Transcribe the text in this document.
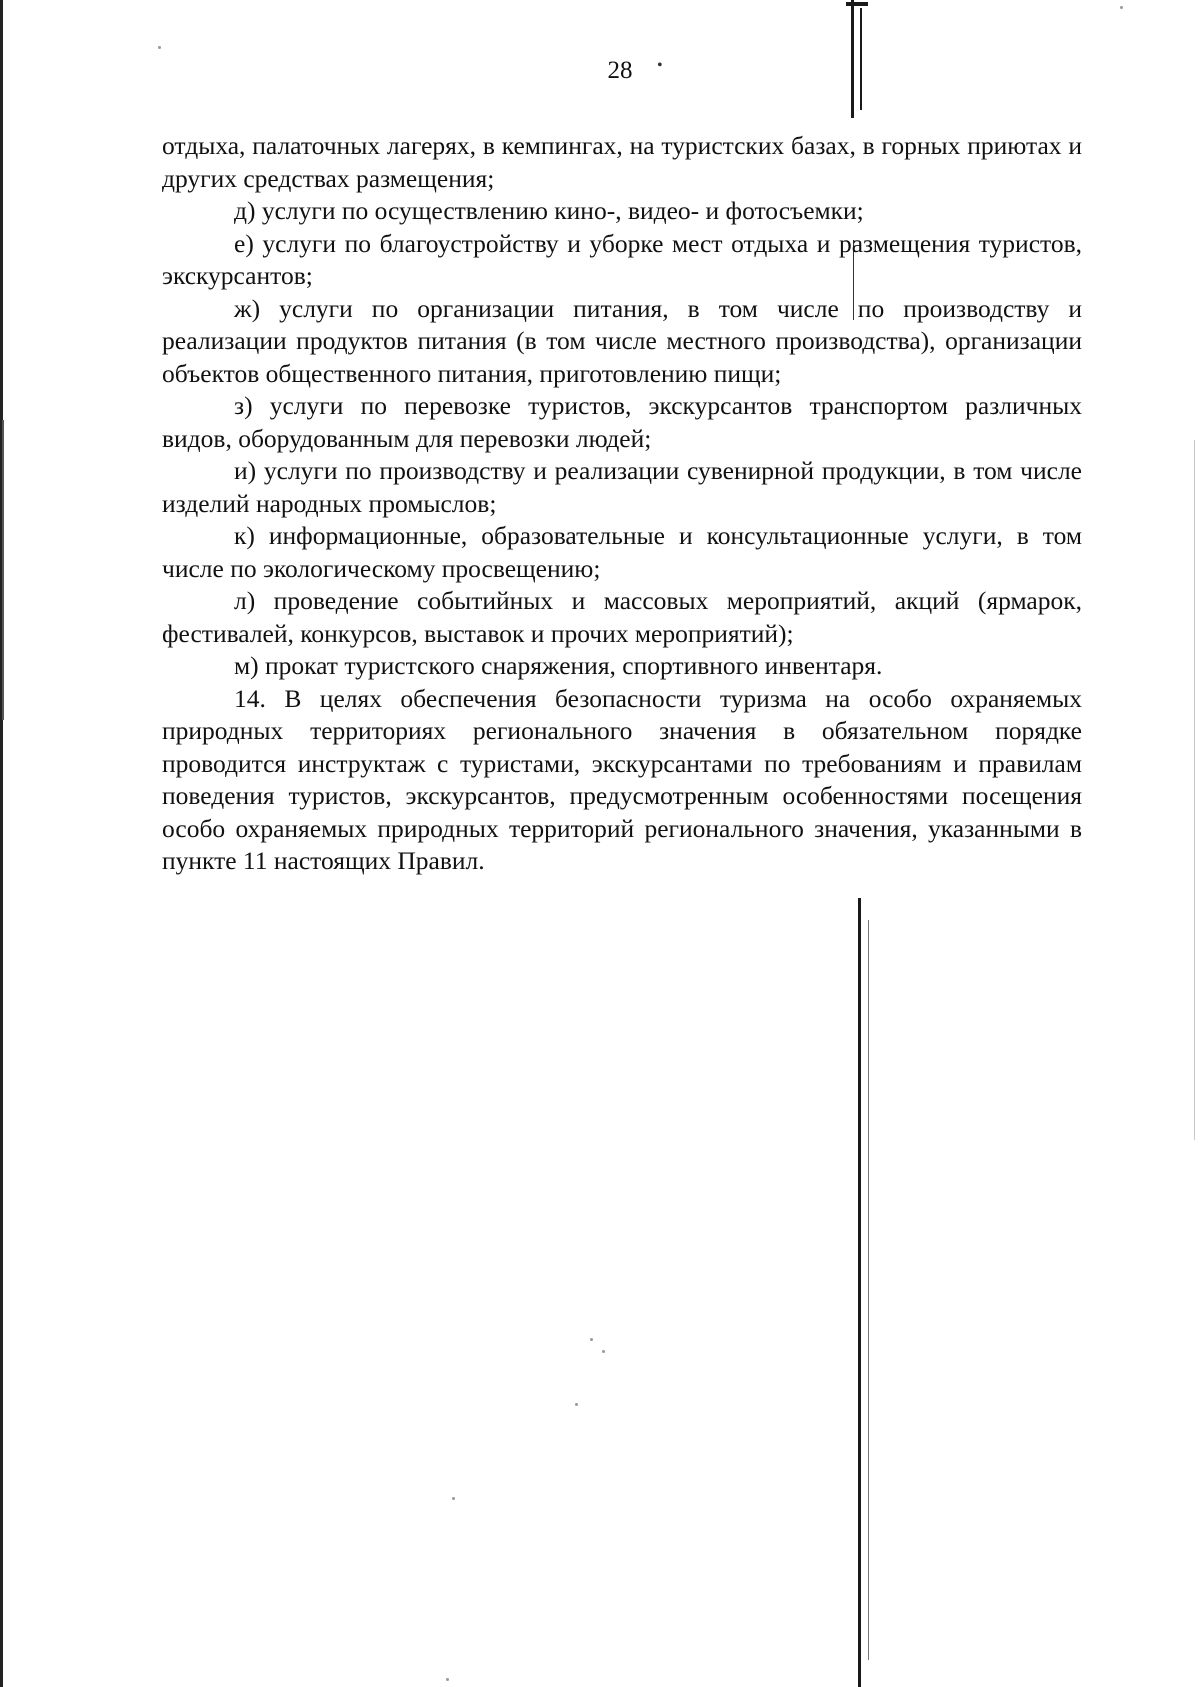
28	•

отдыха, палаточных лагерях, в кемпингах, на туристских базах, в горных приютах и других средствах размещения;

д) услуги по осуществлению кино-, видео- и фотосъемки;

е) услуги по благоустройству и уборке мест отдыха и размещения туристов, экскурсантов;

ж) услуги по организации питания, в том числе по производству и реализации продуктов питания (в том числе местного производства), организации объектов общественного питания, приготовлению пищи;

з) услуги по перевозке туристов, экскурсантов транспортом различных видов, оборудованным для перевозки людей;

и) услуги по производству и реализации сувенирной продукции, в том числе изделий народных промыслов;

к) информационные, образовательные и консультационные услуги, в том числе по экологическому просвещению;

л) проведение событийных и массовых мероприятий, акций (ярмарок, фестивалей, конкурсов, выставок и прочих мероприятий);

м) прокат туристского снаряжения, спортивного инвентаря.

14. В целях обеспечения безопасности туризма на особо охраняемых природных территориях регионального значения в обязательном порядке проводится инструктаж с туристами, экскурсантами по требованиям и правилам поведения туристов, экскурсантов, предусмотренным особенностями посещения особо охраняемых природных территорий регионального значения, указанными в пункте 11 настоящих Правил.
